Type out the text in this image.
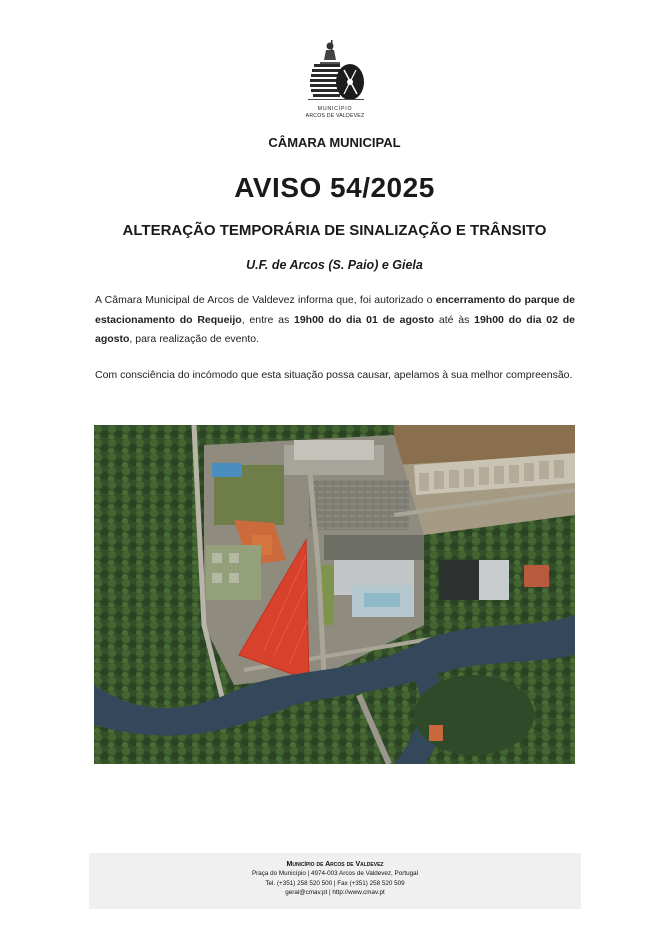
MUNICÍPIO
ARCOS DE VALDEVEZ
CÂMARA MUNICIPAL
AVISO 54/2025
ALTERAÇÃO TEMPORÁRIA DE SINALIZAÇÃO E TRÂNSITO
U.F. de Arcos (S. Paio) e Giela

A Câmara Municipal de Arcos de Valdevez informa que, foi autorizado o encerramento do parque de estacionamento do Requeijo, entre as 19h00 do dia 01 de agosto até às 19h00 do dia 02 de agosto, para realização de evento.

Com consciência do incómodo que esta situação possa causar, apelamos à sua melhor compreensão.

Município de Arcos de Valdevez
Praça do Município | 4974-003 Arcos de Valdevez, Portugal
Tel. (+351) 258 520 500 | Fax (+351) 258 520 509
geral@cmav.pt | http://www.cmav.pt
